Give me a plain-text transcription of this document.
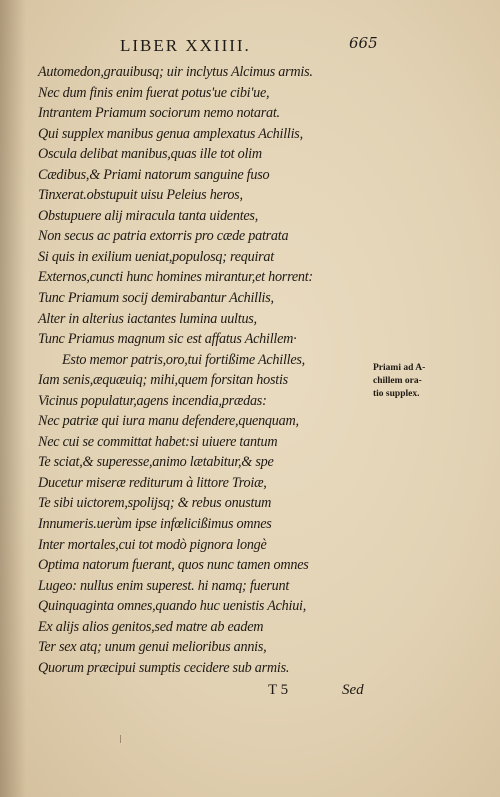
LIBER XXIIII.	665
Automedon,grauibusq; uir inclytus Alcimus armis.
Nec dum finis enim fuerat potus'ue cibi'ue,
Intrantem Priamum sociorum nemo notarat.
Qui supplex manibus genua amplexatus Achillis,
Oscula delibat manibus,quas ille tot olim
Cædibus,& Priami natorum sanguine fuso
Tinxerat.obstupuit uisu Peleius heros,
Obstupuere alij miracula tanta uidentes,
Non secus ac patria extorris pro cæde patrata
Si quis in exilium ueniat,populosq; requirat
Externos,cuncti hunc homines mirantur,et horrent:
Tunc Priamum socij demirabantur Achillis,
Alter in alterius iactantes lumina uultus,
Tunc Priamus magnum sic est affatus Achillem·
Esto memor patris,oro,tui fortißime Achilles,
Iam senis,æquæuiq; mihi,quem forsitan hostis
Vicinus populatur,agens incendia,prædas:
Nec patriæ qui iura manu defendere,quenquam,
Nec cui se committat habet:si uiuere tantum
Te sciat,& superesse,animo lætabitur,& spe
Ducetur miseræ rediturum à littore Troiæ,
Te sibi uictorem,spolijsq; & rebus onustum
Innumeris.uerùm ipse infœlicißimus omnes
Inter mortales,cui tot modò pignora longè
Optima natorum fuerant, quos nunc tamen omnes
Lugeo: nullus enim superest. hi namq; fuerunt
Quinquaginta omnes,quando huc uenistis Achiui,
Ex alijs alios genitos,sed matre ab eadem
Ter sex atq; unum genui melioribus annis,
Quorum præcipui sumptis cecidere sub armis.
Priami ad A-
chillem ora-
tio supplex.
T 5	Sed
